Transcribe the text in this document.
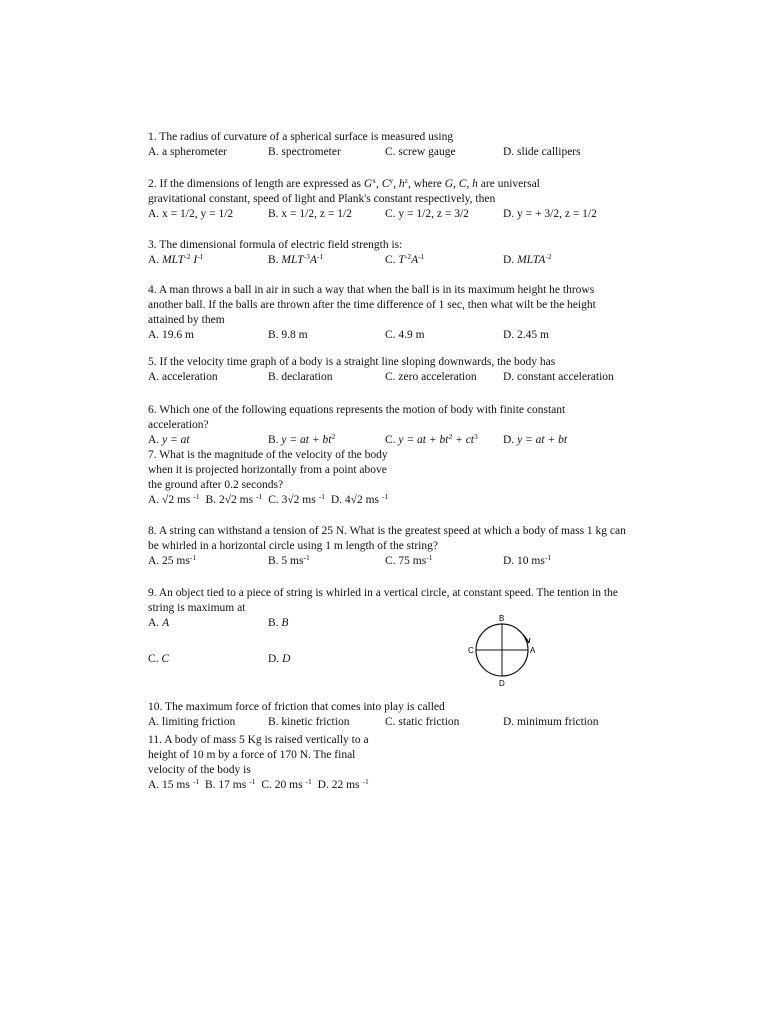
1. The radius of curvature of a spherical surface is measured using
A. a spherometer	B. spectrometer	C. screw gauge	D. slide callipers
2. If the dimensions of length are expressed as $G^x$, $C^y$, $h^z$, where G, C, h are universal
gravitational constant, speed of light and Plank's constant respectively, then
A. x = 1/2, y = 1/2	B. x = 1/2, z = 1/2	C. y = 1/2, z = 3/2	D. y = + 3/2, z = 1/2
3. The dimensional formula of electric field strength is:
A. $MLT^{-2}$ $I^{-1}$	B. $MLT^{-3}A^{-1}$	C. $T^{-2}A^{-1}$	D. $MLTA^{-2}$
4. A man throws a ball in air in such a way that when the ball is in its maximum height he throws another ball. If the balls are thrown after the time difference of 1 sec, then what wilt be the height attained by them
A. 19.6 m	B. 9.8 m	C. 4.9 m	D. 2.45 m
5. If the velocity time graph of a body is a straight line sloping downwards, the body has
A. acceleration	B. declaration	C. zero acceleration D. constant acceleration
6. Which one of the following equations represents the motion of body with finite constant acceleration?
A. y = at	B. y = at + $bt^2$	C. y = at + $bt^2 + ct^3$ D. y = at + bt
7. What is the magnitude of the velocity of the body when it is projected horizontally from a point above the ground after 0.2 seconds?
A. √2 ms $^{-1}$ B. 2√2 ms $^{-1}$ C. 3√2 ms $^{-1}$ D. 4√2 ms $^{-1}$
8. A string can withstand a tension of 25 N. What is the greatest speed at which a body of mass 1 kg can be whirled in a horizontal circle using 1 m length of the string?
A. 25 $ms^{-1}$	B. 5 $ms^{-1}$	C. 75 $ms^{-1}$	D. 10 $ms^{-1}$
9. An object tied to a piece of string is whirled in a vertical circle, at constant speed. The tention in the string is maximum at
A. A	B. B
C. C	D. D
B
A
C
D
10. The maximum force of friction that comes into play is called
A. limiting friction	B. kinetic friction	C. static friction	D. minimum friction
11. A body of mass 5 Kg is raised vertically to a height of 10 m by a force of 170 N. The final velocity of the body is
A. 15 ms $^{-1}$ B. 17 ms $^{-1}$ C. 20 ms $^{-1}$ D. 22 ms $^{-1}$
